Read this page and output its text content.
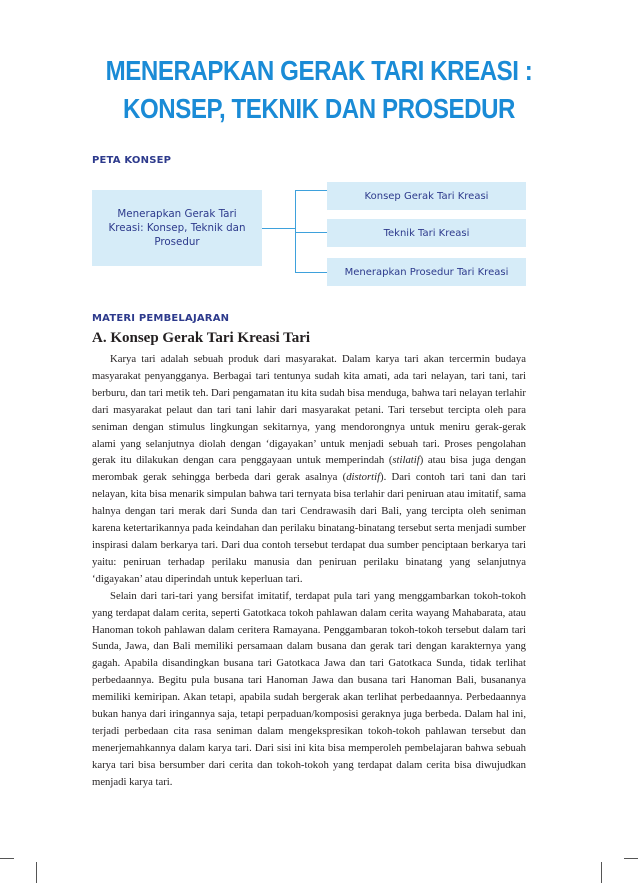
MENERAPKAN GERAK TARI KREASI :
KONSEP, TEKNIK DAN PROSEDUR
PETA KONSEP
Menerapkan Gerak Tari Kreasi: Konsep, Teknik dan Prosedur
Konsep Gerak Tari Kreasi
Teknik Tari Kreasi
Menerapkan Prosedur Tari Kreasi
MATERI PEMBELAJARAN
A. Konsep Gerak Tari Kreasi Tari

Karya tari adalah sebuah produk dari masyarakat. Dalam karya tari akan tercermin budaya masyarakat penyangganya. Berbagai tari tentunya sudah kita amati, ada tari nelayan, tari tani, tari berburu, dan tari metik teh. Dari pengamatan itu kita sudah bisa menduga, bahwa tari nelayan terlahir dari masyarakat pelaut dan tari tani lahir dari masyarakat petani. Tari tersebut tercipta oleh para seniman dengan stimulus lingkungan sekitarnya, yang mendorongnya untuk meniru gerak-gerak alami yang selanjutnya diolah dengan ‘digayakan’ untuk menjadi sebuah tari. Proses pengolahan gerak itu dilakukan dengan cara penggayaan untuk memperindah (stilatif) atau bisa juga dengan merombak gerak sehingga berbeda dari gerak asalnya (distortif). Dari contoh tari tani dan tari nelayan, kita bisa menarik simpulan bahwa tari ternyata bisa terlahir dari peniruan atau imitatif, sama halnya dengan tari merak dari Sunda dan tari Cendrawasih dari Bali, yang tercipta oleh seniman karena ketertarikannya pada keindahan dan perilaku binatang-binatang tersebut serta menjadi sumber inspirasi dalam berkarya tari. Dari dua contoh tersebut terdapat dua sumber penciptaan berkarya tari yaitu: peniruan terhadap perilaku manusia dan peniruan perilaku binatang yang selanjutnya ‘digayakan’ atau diperindah untuk keperluan tari.

Selain dari tari-tari yang bersifat imitatif, terdapat pula tari yang menggambarkan tokoh-tokoh yang terdapat dalam cerita, seperti Gatotkaca tokoh pahlawan dalam cerita wayang Mahabarata, atau Hanoman tokoh pahlawan dalam ceritera Ramayana. Penggambaran tokoh-tokoh tersebut dalam tari Sunda, Jawa, dan Bali memiliki persamaan dalam busana dan gerak tari dengan karakternya yang gagah. Apabila disandingkan busana tari Gatotkaca Jawa dan tari Gatotkaca Sunda, tidak terlihat perbedaannya. Begitu pula busana tari Hanoman Jawa dan busana tari Hanoman Bali, busananya memiliki kemiripan. Akan tetapi, apabila sudah bergerak akan terlihat perbedaannya. Perbedaannya bukan hanya dari iringannya saja, tetapi perpaduan/komposisi geraknya juga berbeda. Dalam hal ini, terjadi perbedaan cita rasa seniman dalam mengekspresikan tokoh-tokoh pahlawan tersebut dan menerjemahkannya dalam karya tari. Dari sisi ini kita bisa memperoleh pembelajaran bahwa sebuah karya tari bisa bersumber dari cerita dan tokoh-tokoh yang terdapat dalam cerita bisa diwujudkan menjadi karya tari.
